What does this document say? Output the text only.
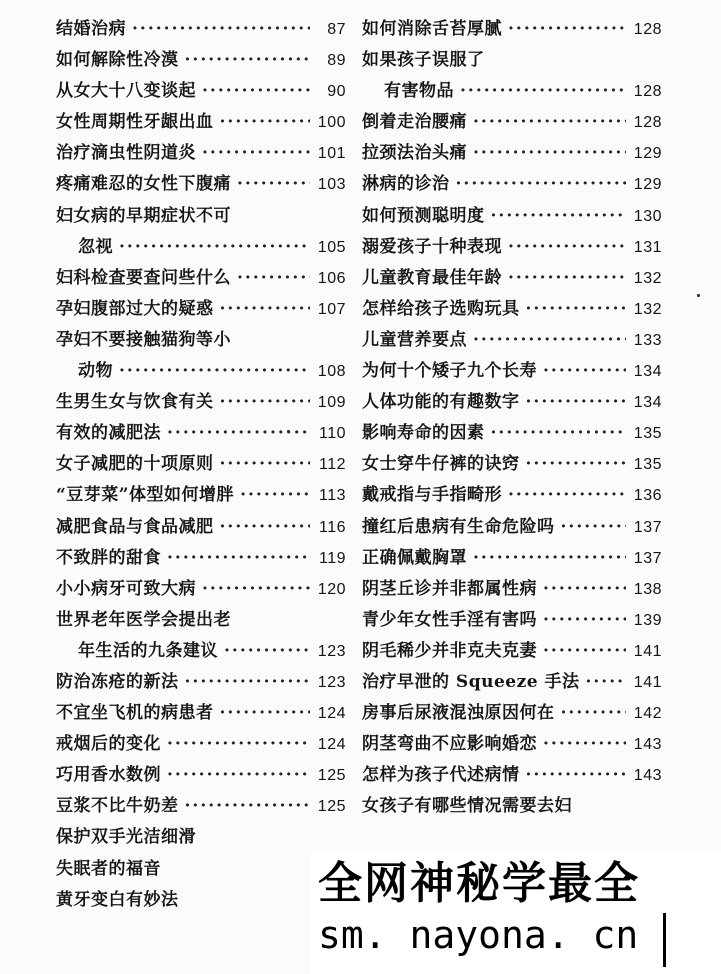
结婚治病 ·····	87
如何解除性冷漠 ·····	89
从女大十八变谈起 ·····	90
女性周期性牙龈出血 ·····	100
治疗滴虫性阴道炎 ·····	101
疼痛难忍的女性下腹痛 ·····	103
妇女病的早期症状不可
忽视 ·····	105
妇科检查要查问些什么 ·····	106
孕妇腹部过大的疑惑 ·····	107
孕妇不要接触猫狗等小
动物 ·····	108
生男生女与饮食有关 ·····	109
有效的减肥法 ·····	110
女子减肥的十项原则 ·····	112
“豆芽菜”体型如何增胖 ·····	113
减肥食品与食品减肥 ·····	116
不致胖的甜食 ·····	119
小小病牙可致大病 ·····	120
世界老年医学会提出老
年生活的九条建议 ·····	123
防治冻疮的新法 ·····	123
不宜坐飞机的病患者 ·····	124
戒烟后的变化 ·····	124
巧用香水数例 ·····	125
豆浆不比牛奶差 ·····	125
保护双手光洁细滑
失眠者的福音
黄牙变白有妙法
如何消除舌苔厚腻 ·····	128
如果孩子误服了
有害物品 ·····	128
倒着走治腰痛 ·····	128
拉颈法治头痛 ·····	129
淋病的诊治 ·····	129
如何预测聪明度 ·····	130
溺爱孩子十种表现 ·····	131
儿童教育最佳年龄 ·····	132
怎样给孩子选购玩具 ·····	132
儿童营养要点 ·····	133
为何十个矮子九个长寿 ·····	134
人体功能的有趣数字 ·····	134
影响寿命的因素 ·····	135
女士穿牛仔裤的诀窍 ·····	135
戴戒指与手指畸形 ·····	136
撞红后患病有生命危险吗 ·····	137
正确佩戴胸罩 ·····	137
阴茎丘诊并非都属性病 ·····	138
青少年女性手淫有害吗 ·····	139
阴毛稀少并非克夫克妻 ·····	141
治疗早泄的 Squeeze 手法 ·····	141
房事后尿液混浊原因何在 ·····	142
阴茎弯曲不应影响婚恋 ·····	143
怎样为孩子代述病情 ·····	143
女孩子有哪些情况需要去妇
全网神秘学最全
sm. nayona. cn
